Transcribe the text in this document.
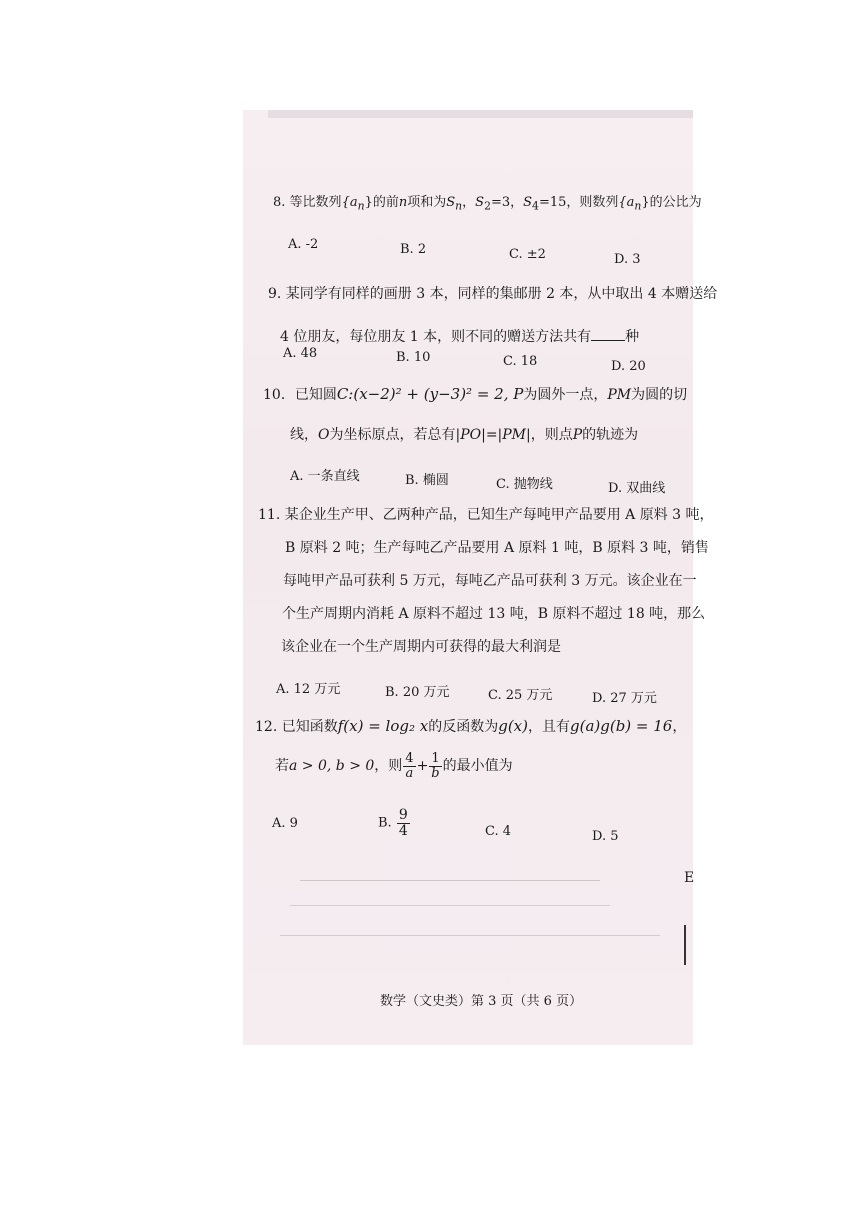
8. 等比数列$\{a_n\}$的前n项和为$S_n$，$S_2=3$，$S_4=15$，则数列$\{a_n\}$的公比为
A. -2	B. 2	C. ±2	D. 3
9. 某同学有同样的画册 3 本，同样的集邮册 2 本，从中取出 4 本赠送给
4 位朋友，每位朋友 1 本，则不同的赠送方法共有 种
A. 48	B. 10	C. 18	D. 20
10．已知圆C:(x−2)² + (y−3)² = 2, P为圆外一点，PM为圆的切
线，O为坐标原点，若总有|PO|=|PM|，则点P的轨迹为
A. 一条直线	B. 椭圆	C. 抛物线	D. 双曲线
11. 某企业生产甲、乙两种产品，已知生产每吨甲产品要用 A 原料 3 吨，
B 原料 2 吨；生产每吨乙产品要用 A 原料 1 吨，B 原料 3 吨，销售
每吨甲产品可获利 5 万元，每吨乙产品可获利 3 万元。该企业在一
个生产周期内消耗 A 原料不超过 13 吨，B 原料不超过 18 吨，那么
该企业在一个生产周期内可获得的最大利润是
A. 12 万元	B. 20 万元	C. 25 万元	D. 27 万元
12. 已知函数f(x) = log₂ x的反函数为g(x)，且有g(a)g(b) = 16，
若a > 0, b > 0，则 $\frac{4}{a} + \frac{1}{b}$ 的最小值为
A. 9	B. $\frac{9}{4}$	C. 4	D. 5
数学（文史类）第 3 页（共 6 页）
E
